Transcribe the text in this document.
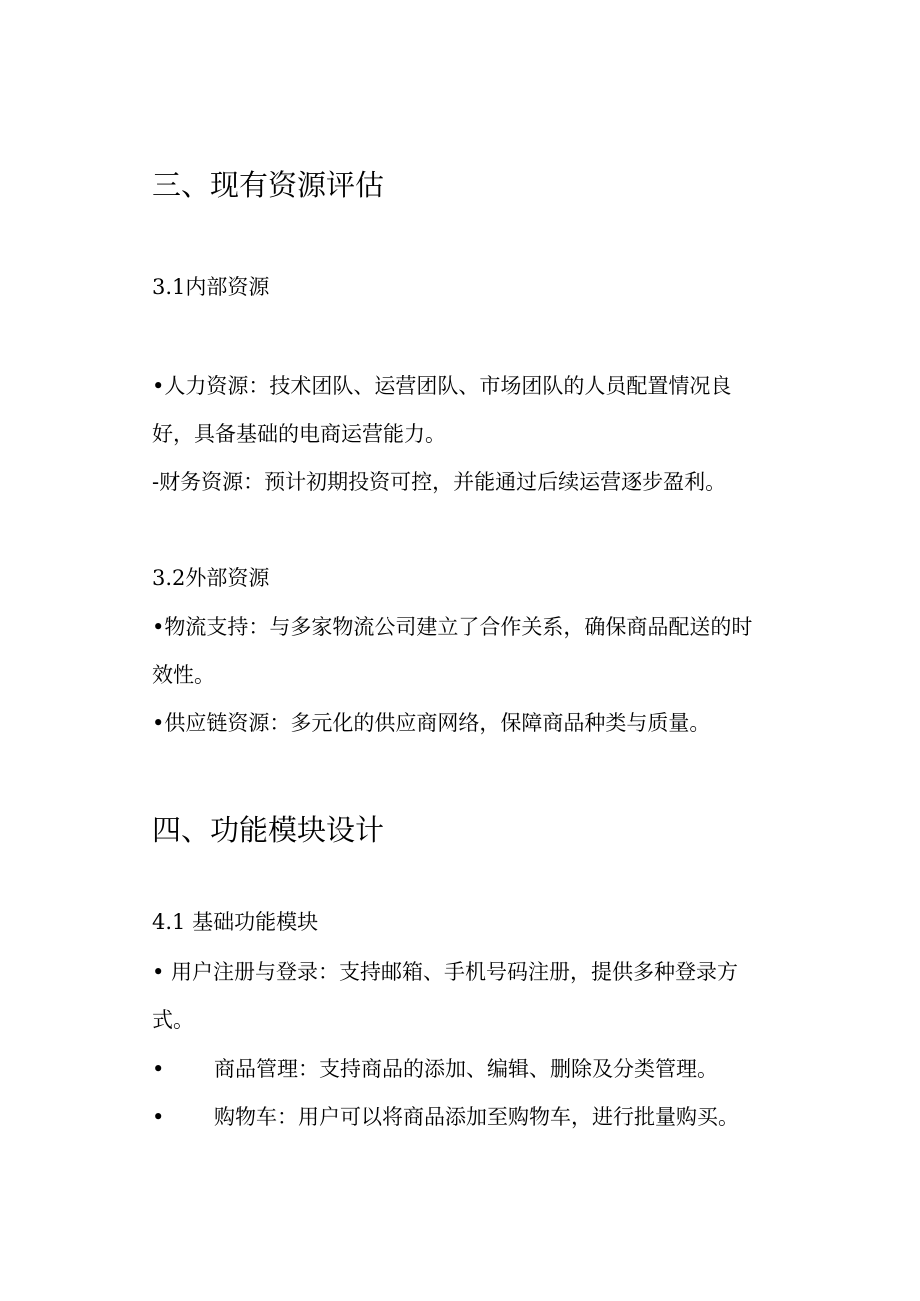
三、现有资源评估
3.1内部资源
•人力资源：技术团队、运营团队、市场团队的人员配置情况良
好，具备基础的电商运营能力。
-财务资源：预计初期投资可控，并能通过后续运营逐步盈利。
3.2外部资源
•物流支持：与多家物流公司建立了合作关系，确保商品配送的时
效性。
•供应链资源：多元化的供应商网络，保障商品种类与质量。
四、功能模块设计
4.1 基础功能模块
• 用户注册与登录：支持邮箱、手机号码注册，提供多种登录方
式。
• 商品管理：支持商品的添加、编辑、删除及分类管理。
• 购物车：用户可以将商品添加至购物车，进行批量购买。
